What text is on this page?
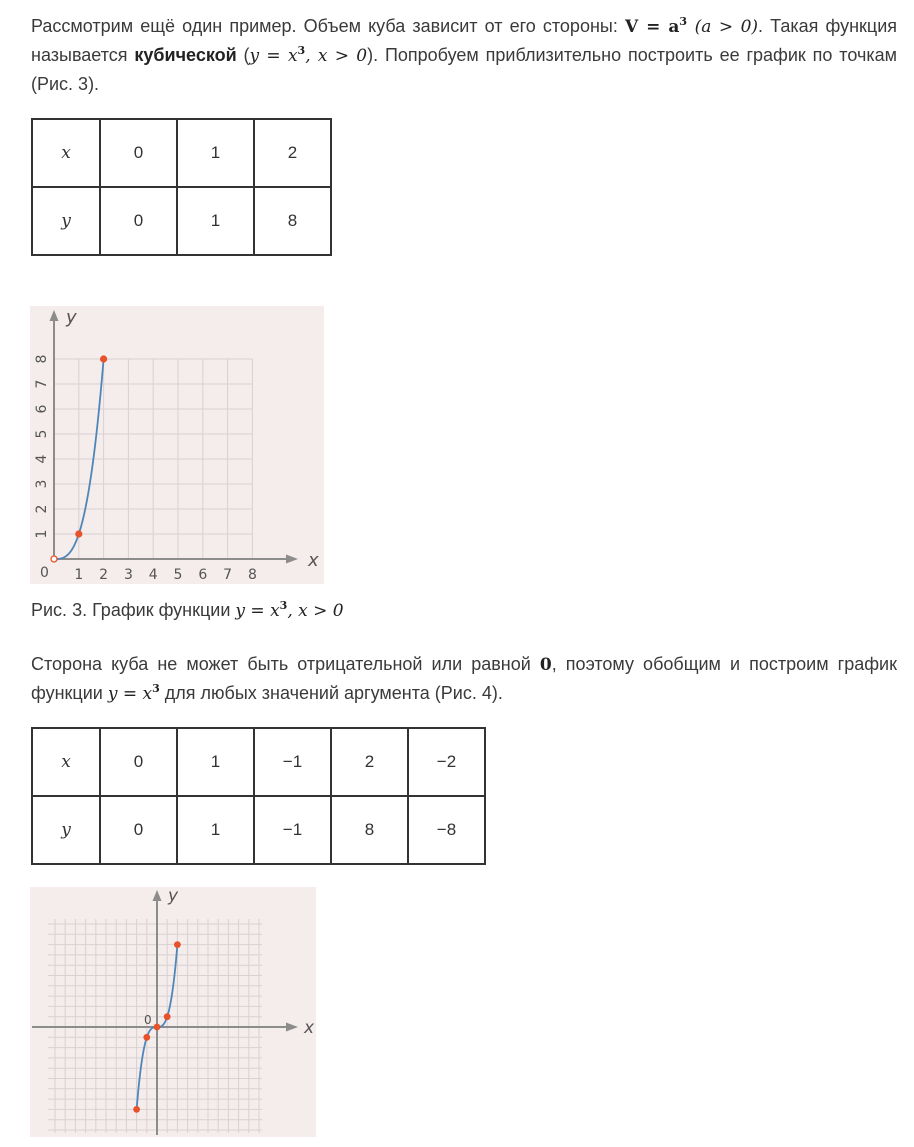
Рассмотрим ещё один пример. Объем куба зависит от его стороны: $V = a^3$ (a > 0). Такая функция называется кубической ($y = x^3$, x > 0). Попробуем приблизительно построить ее график по точкам (Рис. 3).
x	0	1	2
y	0	1	8
y
x
0 1 2 3 4 5 6 7 8
1
2
3
4
5
6
7
8
Рис. 3. График функции $y = x^3$, x > 0
Сторона куба не может быть отрицательной или равной 0, поэтому обобщим и построим график функции $y = x^3$ для любых значений аргумента (Рис. 4).
x	0	1	−1	2	−2
y	0	1	−1	8	−8
y
x
0
